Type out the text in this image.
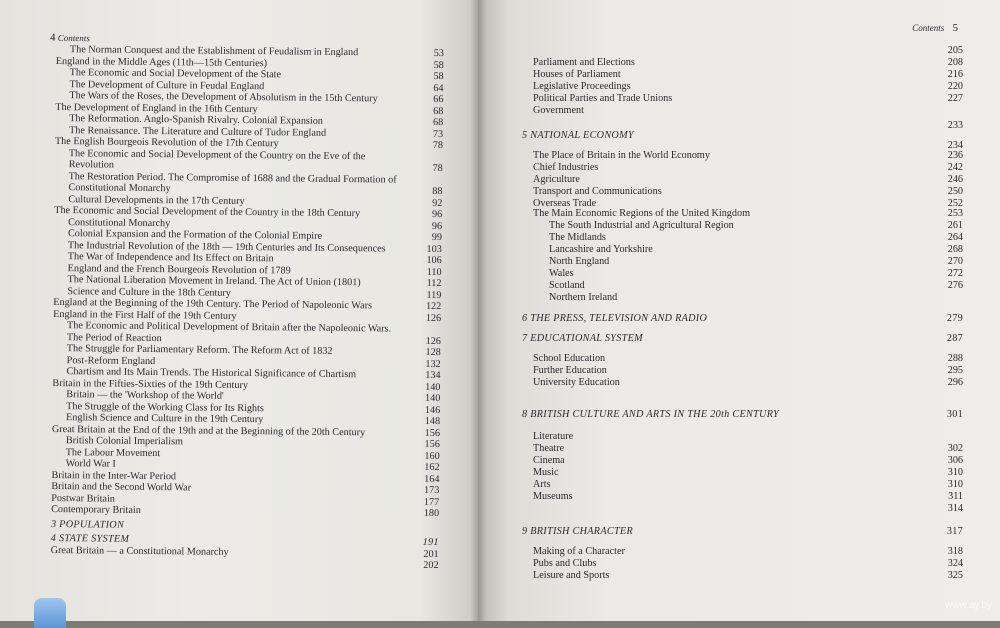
4 Contents
The Norman Conquest and the Establishment of Feudalism in England	53
England in the Middle Ages (11th—15th Centuries)	58
The Economic and Social Development of the State	58
The Development of Culture in Feudal England	64
The Wars of the Roses, the Development of Absolutism in the 15th Century	66
The Development of England in the 16th Century	68
The Reformation. Anglo-Spanish Rivalry. Colonial Expansion	68
The Renaissance. The Literature and Culture of Tudor England	73
The English Bourgeois Revolution of the 17th Century	78
The Economic and Social Development of the Country on the Eve of the
Revolution	78
The Restoration Period. The Compromise of 1688 and the Gradual Formation of
Constitutional Monarchy	88
Cultural Developments in the 17th Century	92
The Economic and Social Development of the Country in the 18th Century	96
Constitutional Monarchy	96
Colonial Expansion and the Formation of the Colonial Empire	99
The Industrial Revolution of the 18th — 19th Centuries and Its Consequences	103
The War of Independence and Its Effect on Britain	106
England and the French Bourgeois Revolution of 1789	110
The National Liberation Movement in Ireland. The Act of Union (1801)	112
Science and Culture in the 18th Century	119
England at the Beginning of the 19th Century. The Period of Napoleonic Wars	122
England in the First Half of the 19th Century	126
The Economic and Political Development of Britain after the Napoleonic Wars.
The Period of Reaction	126
The Struggle for Parliamentary Reform. The Reform Act of 1832	128
Post-Reform England	132
Chartism and Its Main Trends. The Historical Significance of Chartism	134
Britain in the Fifties-Sixties of the 19th Century	140
Britain — the 'Workshop of the World'	140
The Struggle of the Working Class for Its Rights	146
English Science and Culture in the 19th Century	148
Great Britain at the End of the 19th and at the Beginning of the 20th Century	156
British Colonial Imperialism	156
The Labour Movement	160
World War I	162
Britain in the Inter-War Period	164
Britain and the Second World War	173
Postwar Britain	177
Contemporary Britain	180
3 POPULATION
4 STATE SYSTEM	191
Great Britain — a Constitutional Monarchy	201
202
Contents 5
205
Parliament and Elections	208
Houses of Parliament	216
Legislative Proceedings	220
Political Parties and Trade Unions	227
Government
233
5 NATIONAL ECONOMY
234
The Place of Britain in the World Economy	236
Chief Industries	242
Agriculture	246
Transport and Communications	250
Overseas Trade	252
The Main Economic Regions of the United Kingdom	253
The South Industrial and Agricultural Region	261
The Midlands	264
Lancashire and Yorkshire	268
North England	270
Wales	272
Scotland	276
Northern Ireland
6 THE PRESS, TELEVISION AND RADIO	279
7 EDUCATIONAL SYSTEM	287
School Education	288
Further Education	295
University Education	296
8 BRITISH CULTURE AND ARTS IN THE 20th CENTURY	301
Literature
Theatre	302
Cinema	306
Music	310
Arts	310
Museums	311
314
9 BRITISH CHARACTER	317
Making of a Character	318
Pubs and Clubs	324
Leisure and Sports	325
www.ay.by
